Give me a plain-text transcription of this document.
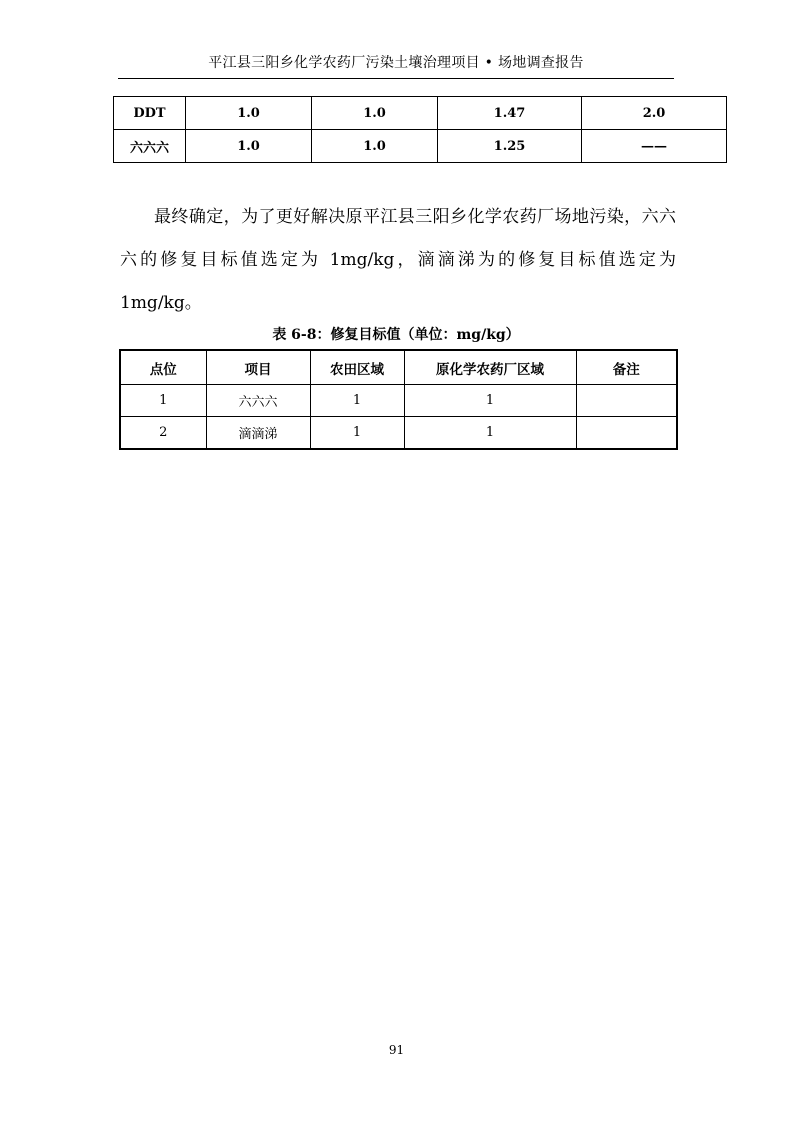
平江县三阳乡化学农药厂污染土壤治理项目 • 场地调查报告
DDT	1.0	1.0	1.47	2.0
六六六	1.0	1.0	1.25	——

最终确定，为了更好解决原平江县三阳乡化学农药厂场地污染，六六六的修复目标值选定为 1mg/kg，滴滴涕为的修复目标值选定为 1mg/kg。

表 6-8：修复目标值（单位：mg/kg）
点位	项目	农田区域	原化学农药厂区域	备注
1	六六六	1	1	
2	滴滴涕	1	1	
91
